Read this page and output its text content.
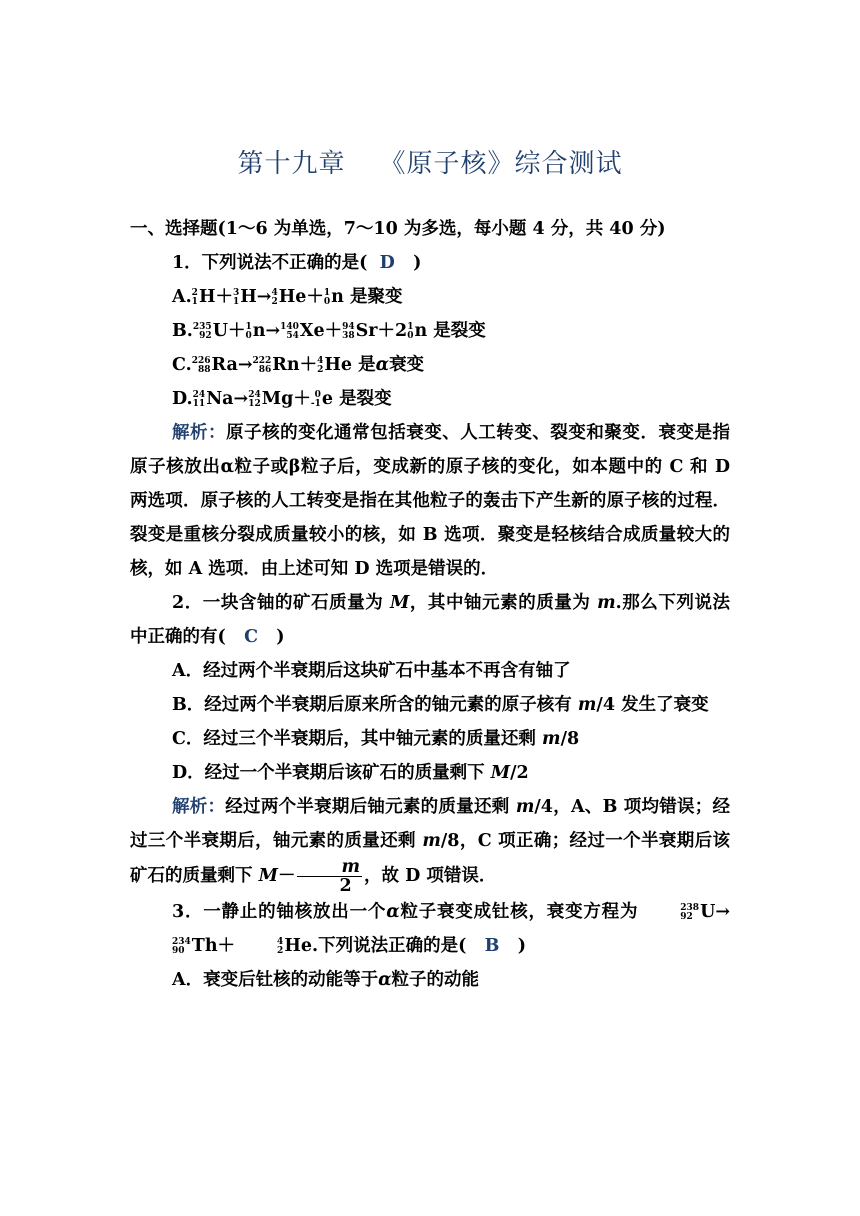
第十九章 《原子核》综合测试

一、选择题(1～6 为单选，7～10 为多选，每小题 4 分，共 40 分)

1．下列说法不正确的是( D )

A. 2
1 H＋ 3
1 H→ 4
2 He＋ 1
0 n 是聚变

B. 235
92 U＋ 1
0 n→ 140
54 Xe＋ 94
38 Sr＋2 1
0 n 是裂变

C. 226
88 Ra→ 222
86 Rn＋ 4
2 He 是α衰变

D. 24
11 Na→ 24
12 Mg＋ 0
-1 e 是裂变

解析：原子核的变化通常包括衰变、人工转变、裂变和聚变．衰变是指原子核放出α粒子或β粒子后，变成新的原子核的变化，如本题中的 C 和 D 两选项．原子核的人工转变是指在其他粒子的轰击下产生新的原子核的过程．裂变是重核分裂成质量较小的核，如 B 选项．聚变是轻核结合成质量较大的核，如 A 选项．由上述可知 D 选项是错误的．

2．一块含铀的矿石质量为 M，其中铀元素的质量为 m.那么下列说法中正确的有( C )

A．经过两个半衰期后这块矿石中基本不再含有铀了

B．经过两个半衰期后原来所含的铀元素的原子核有 m/4 发生了衰变

C．经过三个半衰期后，其中铀元素的质量还剩 m/8

D．经过一个半衰期后该矿石的质量剩下 M/2

解析：经过两个半衰期后铀元素的质量还剩 m/4，A、B 项均错误；经过三个半衰期后，铀元素的质量还剩 m/8，C 项正确；经过一个半衰期后该矿石的质量剩下 $M- \frac{m}{2}$ ，故 D 项错误．

3．一静止的铀核放出一个α粒子衰变成钍核，衰变方程为	238
92 U→
234
90 Th＋	4
2 He.下列说法正确的是( B )

A．衰变后钍核的动能等于α粒子的动能
